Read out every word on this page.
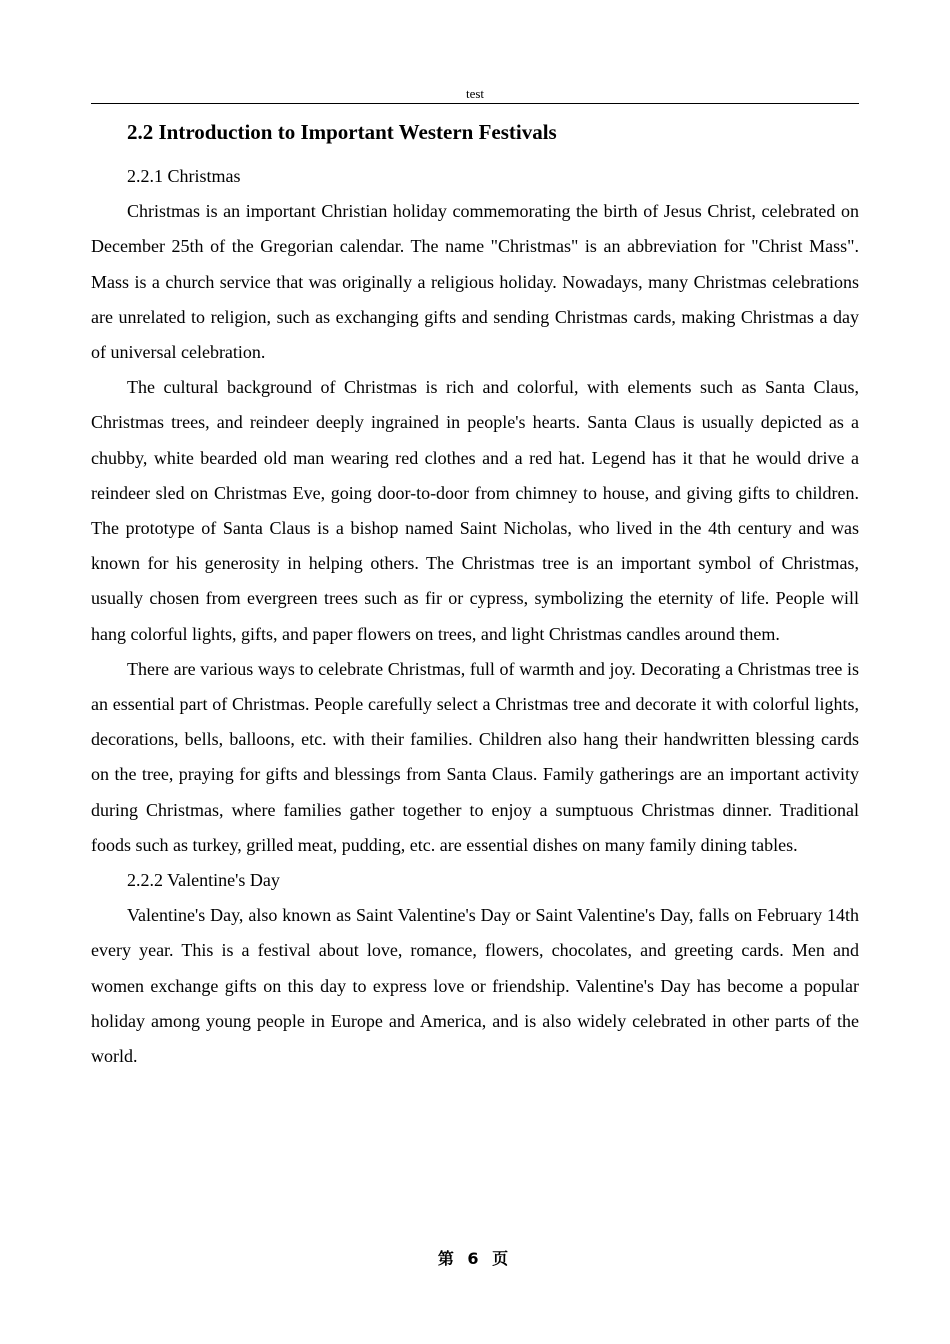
test
2.2 Introduction to Important Western Festivals

2.2.1 Christmas

Christmas is an important Christian holiday commemorating the birth of Jesus Christ, celebrated on December 25th of the Gregorian calendar. The name "Christmas" is an abbreviation for "Christ Mass". Mass is a church service that was originally a religious holiday. Nowadays, many Christmas celebrations are unrelated to religion, such as exchanging gifts and sending Christmas cards, making Christmas a day of universal celebration.

The cultural background of Christmas is rich and colorful, with elements such as Santa Claus, Christmas trees, and reindeer deeply ingrained in people's hearts. Santa Claus is usually depicted as a chubby, white bearded old man wearing red clothes and a red hat. Legend has it that he would drive a reindeer sled on Christmas Eve, going door-to-door from chimney to house, and giving gifts to children. The prototype of Santa Claus is a bishop named Saint Nicholas, who lived in the 4th century and was known for his generosity in helping others. The Christmas tree is an important symbol of Christmas, usually chosen from evergreen trees such as fir or cypress, symbolizing the eternity of life. People will hang colorful lights, gifts, and paper flowers on trees, and light Christmas candles around them.

There are various ways to celebrate Christmas, full of warmth and joy. Decorating a Christmas tree is an essential part of Christmas. People carefully select a Christmas tree and decorate it with colorful lights, decorations, bells, balloons, etc. with their families. Children also hang their handwritten blessing cards on the tree, praying for gifts and blessings from Santa Claus. Family gatherings are an important activity during Christmas, where families gather together to enjoy a sumptuous Christmas dinner. Traditional foods such as turkey, grilled meat, pudding, etc. are essential dishes on many family dining tables.

2.2.2 Valentine's Day

Valentine's Day, also known as Saint Valentine's Day or Saint Valentine's Day, falls on February 14th every year. This is a festival about love, romance, flowers, chocolates, and greeting cards. Men and women exchange gifts on this day to express love or friendship. Valentine's Day has become a popular holiday among young people in Europe and America, and is also widely celebrated in other parts of the world.

第 6 页
